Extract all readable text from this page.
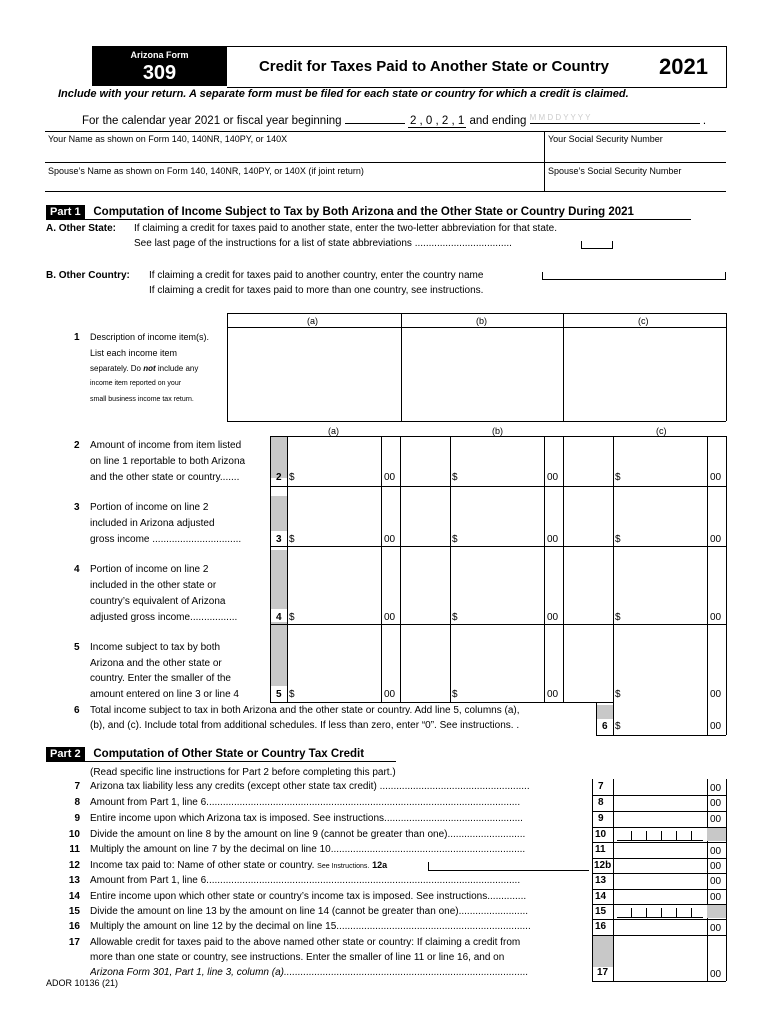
Arizona Form
309	Credit for Taxes Paid to Another State or Country	2021
Include with your return. A separate form must be filed for each state or country for which a credit is claimed.
For the calendar year 2021 or fiscal year beginning	2 , 0 , 2 , 1 and ending M M D D Y Y Y Y	.
Your Name as shown on Form 140, 140NR, 140PY, or 140X	Your Social Security Number
Spouse’s Name as shown on Form 140, 140NR, 140PY, or 140X (if joint return)	Spouse’s Social Security Number
Part 1 Computation of Income Subject to Tax by Both Arizona and the Other State or Country During 2021
A. Other State: If claiming a credit for taxes paid to another state, enter the two-letter abbreviation for that state.
See last page of the instructions for a list of state abbreviations ...................................
B. Other Country: If claiming a credit for taxes paid to another country, enter the country name
If claiming a credit for taxes paid to more than one country, see instructions.
(a)	(b)	(c)
1 Description of income item(s).
List each income item
separately. Do not include any
income item reported on your
small business income tax return.
(a)	(b)	(c)
2 Amount of income from item listed
on line 1 reportable to both Arizona
and the other state or country.......	2 $	00	$	00	$	00
3 Portion of income on line 2
included in Arizona adjusted
gross income ................................	3 $	00	$	00	$	00
4 Portion of income on line 2
included in the other state or
country’s equivalent of Arizona
adjusted gross income.................	4 $	00	$	00	$	00
5 Income subject to tax by both
Arizona and the other state or
country. Enter the smaller of the
amount entered on line 3 or line 4	5 $	00	$	00	$	00
6 Total income subject to tax in both Arizona and the other state or country. Add line 5, columns (a),
(b), and (c). Include total from additional schedules. If less than zero, enter “0”. See instructions. .	6 $	00
Part 2 Computation of Other State or Country Tax Credit
(Read specific line instructions for Part 2 before completing this part.)
7 Arizona tax liability less any credits (except other state tax credit) ......................................................	7	00
8 Amount from Part 1, line 6.................................................................................................................	8	00
9 Entire income upon which Arizona tax is imposed. See instructions..................................................	9	00
10 Divide the amount on line 8 by the amount on line 9 (cannot be greater than one)............................	10
11 Multiply the amount on line 7 by the decimal on line 10......................................................................	11	00
12 Income tax paid to: Name of other state or country. See Instructions. 12a	12b	00
13 Amount from Part 1, line 6.................................................................................................................	13	00
14 Entire income upon which other state or country’s income tax is imposed. See instructions..............	14	00
15 Divide the amount on line 13 by the amount on line 14 (cannot be greater than one).........................	15
16 Multiply the amount on line 12 by the decimal on line 15......................................................................	16	00
17 Allowable credit for taxes paid to the above named other state or country: If claiming a credit from
more than one state or country, see instructions. Enter the smaller of line 11 or line 16, and on
Arizona Form 301, Part 1, line 3, column (a)........................................................................................	17	00
ADOR 10136 (21)
